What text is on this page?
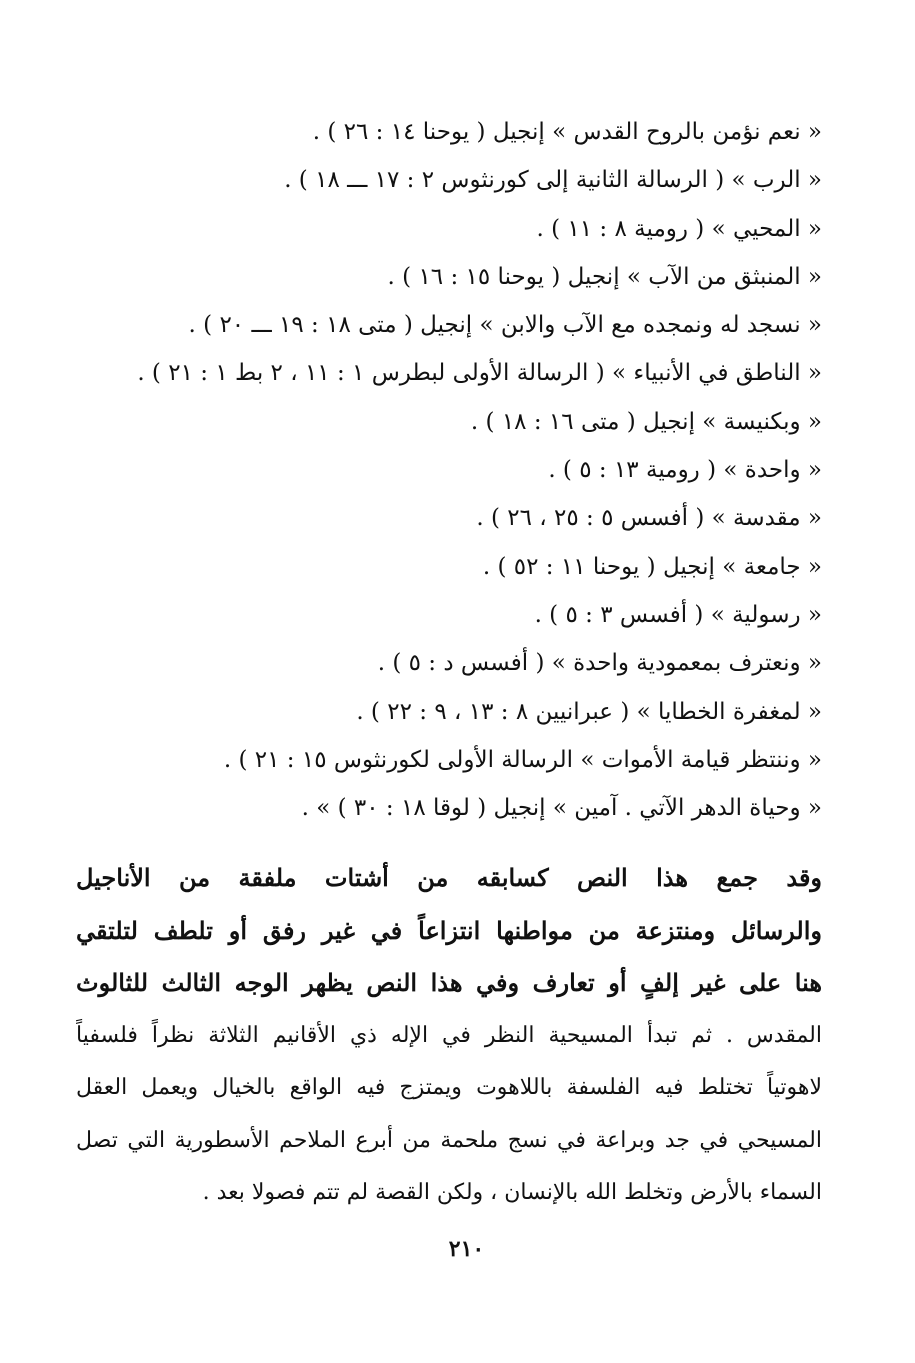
« نعم نؤمن بالروح القدس » إنجيل ( يوحنا ١٤ : ٢٦ ) .
« الرب » ( الرسالة الثانية إلى كورنثوس ٢ : ١٧ ـــ ١٨ ) .
« المحيي » ( رومية ٨ : ١١ ) .
« المنبثق من الآب » إنجيل ( يوحنا ١٥ : ١٦ ) .
« نسجد له ونمجده مع الآب والابن » إنجيل ( متى ١٨ : ١٩ ـــ ٢٠ ) .
« الناطق في الأنبياء » ( الرسالة الأولى لبطرس ١ : ١١ ، ٢ بط ١ : ٢١ ) .
« وبكنيسة » إنجيل ( متى ١٦ : ١٨ ) .
« واحدة » ( رومية ١٣ : ٥ ) .
« مقدسة » ( أفسس ٥ : ٢٥ ، ٢٦ ) .
« جامعة » إنجيل ( يوحنا ١١ : ٥٢ ) .
« رسولية » ( أفسس ٣ : ٥ ) .
« ونعترف بمعمودية واحدة » ( أفسس د : ٥ ) .
« لمغفرة الخطايا » ( عبرانيين ٨ : ١٣ ، ٩ : ٢٢ ) .
« وننتظر قيامة الأموات » الرسالة الأولى لكورنثوس ١٥ : ٢١ ) .
« وحياة الدهر الآتي . آمين » إنجيل ( لوقا ١٨ : ٣٠ ) » .
وقد جمع هذا النص كسابقه من أشتات ملفقة من الأناجيل
والرسائل ومنتزعة من مواطنها انتزاعاً في غير رفق أو تلطف لتلتقي
هنا على غير إلفٍ أو تعارف وفي هذا النص يظهر الوجه الثالث للثالوث
المقدس . ثم تبدأ المسيحية النظر في الإله ذي الأقانيم الثلاثة نظراً فلسفياً
لاهوتياً تختلط فيه الفلسفة باللاهوت ويمتزج فيه الواقع بالخيال ويعمل العقل
المسيحي في جد وبراعة في نسج ملحمة من أبرع الملاحم الأسطورية التي تصل
السماء بالأرض وتخلط الله بالإنسان ، ولكن القصة لم تتم فصولا بعد .
٢١٠
